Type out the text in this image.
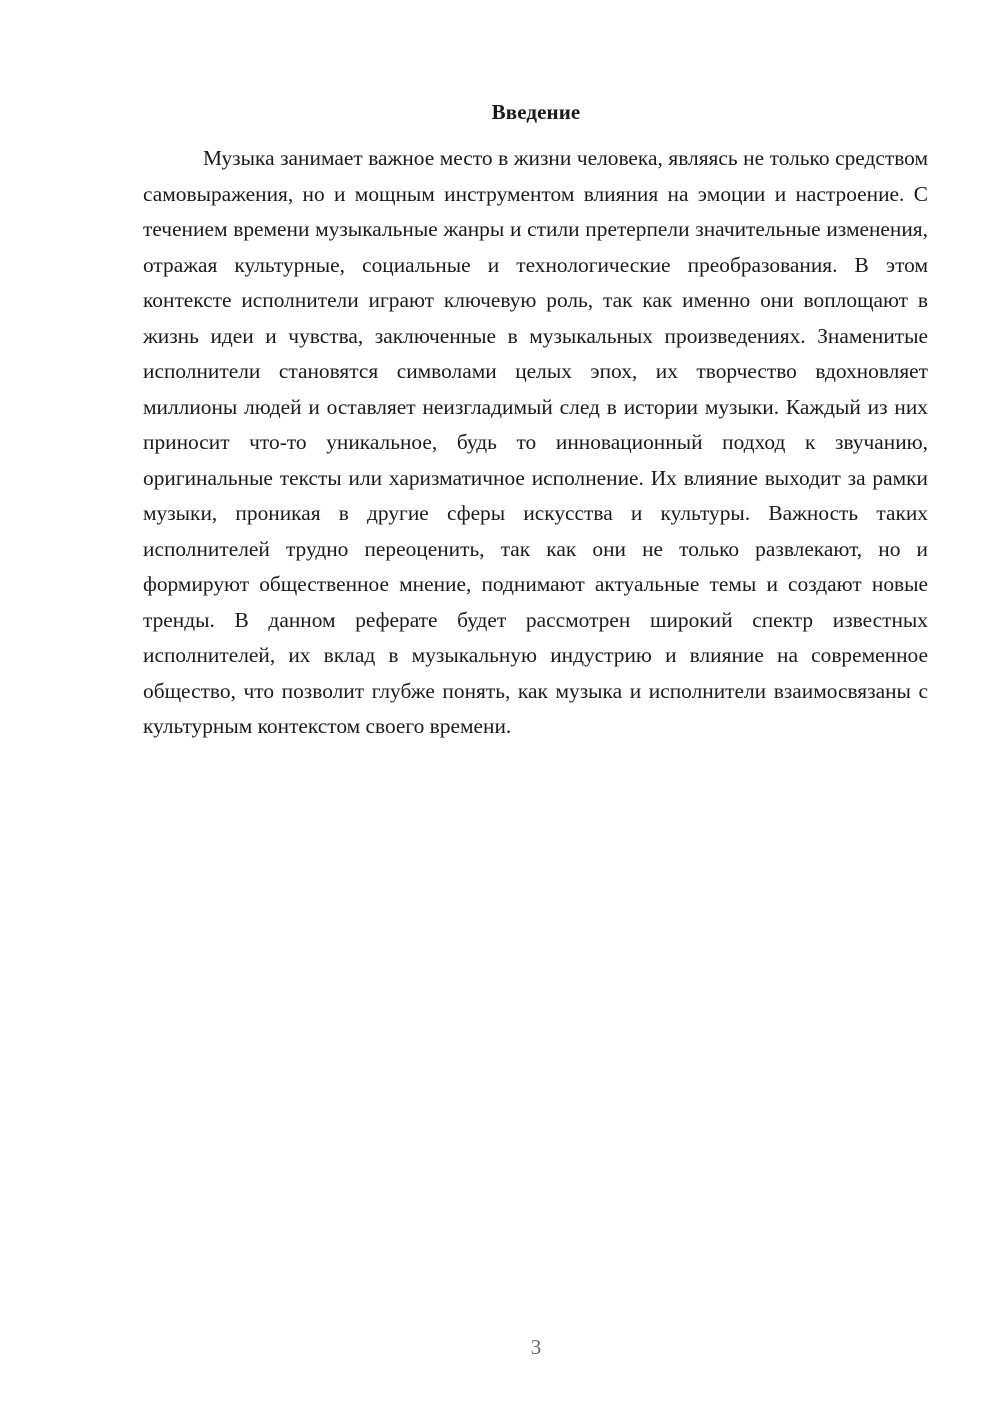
Введение

Музыка занимает важное место в жизни человека, являясь не только средством самовыражения, но и мощным инструментом влияния на эмоции и настроение. С течением времени музыкальные жанры и стили претерпели значительные изменения, отражая культурные, социальные и технологические преобразования. В этом контексте исполнители играют ключевую роль, так как именно они воплощают в жизнь идеи и чувства, заключенные в музыкальных произведениях. Знаменитые исполнители становятся символами целых эпох, их творчество вдохновляет миллионы людей и оставляет неизгладимый след в истории музыки. Каждый из них приносит что-то уникальное, будь то инновационный подход к звучанию, оригинальные тексты или харизматичное исполнение. Их влияние выходит за рамки музыки, проникая в другие сферы искусства и культуры. Важность таких исполнителей трудно переоценить, так как они не только развлекают, но и формируют общественное мнение, поднимают актуальные темы и создают новые тренды. В данном реферате будет рассмотрен широкий спектр известных исполнителей, их вклад в музыкальную индустрию и влияние на современное общество, что позволит глубже понять, как музыка и исполнители взаимосвязаны с культурным контекстом своего времени.

3
